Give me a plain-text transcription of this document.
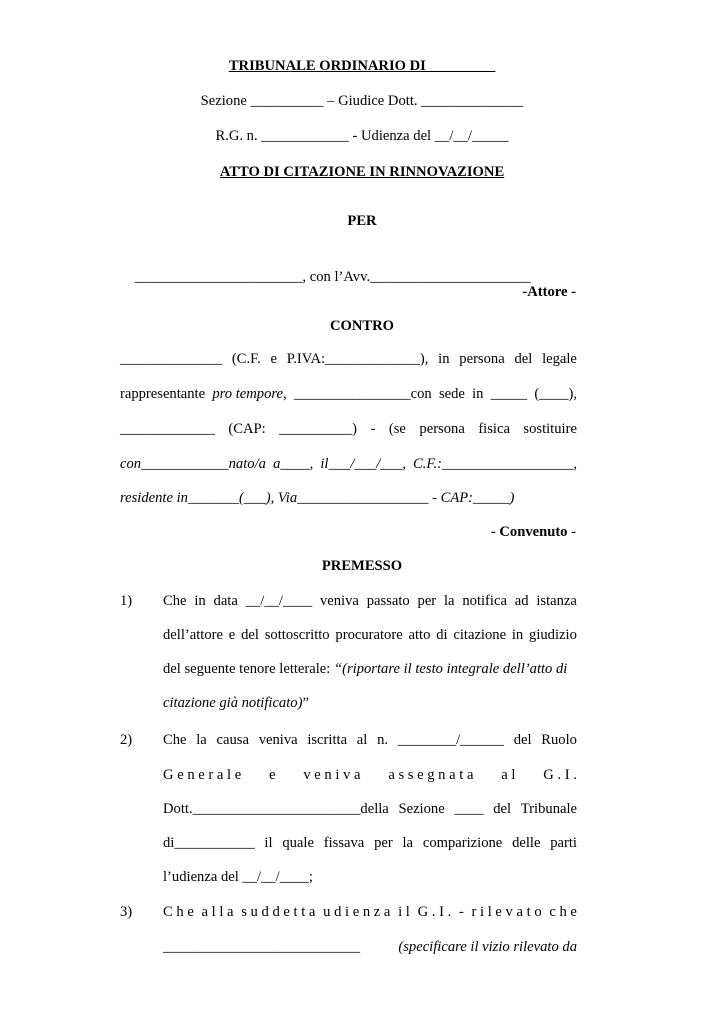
TRIBUNALE ORDINARIO DI _________
Sezione __________ – Giudice Dott. ______________
R.G. n. ____________ - Udienza del __/__/_____
ATTO DI CITAZIONE IN RINNOVAZIONE
PER

_______________________, con l’Avv.______________________

-Attore -
CONTRO
______________ (C.F. e P.IVA:_____________), in persona del legale
rappresentante pro tempore, ________________con sede in _____ (____),
_____________ (CAP: __________) - (se persona fisica sostituire
con____________nato/a a____, il___/___/___, C.F.:__________________,
residente in_______(___), Via__________________ - CAP:_____)
- Convenuto -
PREMESSO
1) Che in data __/__/____ veniva passato per la notifica ad istanza
dell’attore e del sottoscritto procuratore atto di citazione in giudizio
del seguente tenore letterale: “(riportare il testo integrale dell’atto di
citazione già notificato)”
2) Che la causa veniva iscritta al n. ________/______ del Ruolo
G e n e r a l e e v e n i v a a s s e g n a t a a l G . I .
Dott._______________________della Sezione ____ del Tribunale
di___________ il quale fissava per la comparizione delle parti
l’udienza del __/__/____;
3) C h e a l l a s u d d e t t a u d i e n z a i l G . I . - r i l e v a t o c h e
___________________________	(specificare il vizio rilevato da
